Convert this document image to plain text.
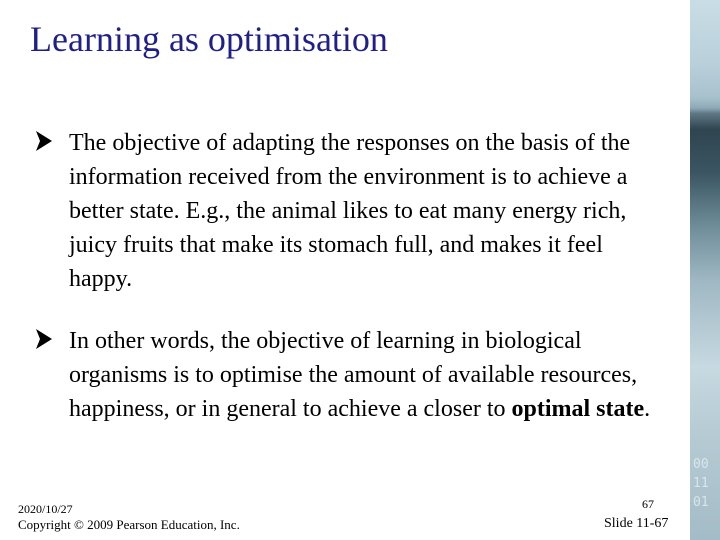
00
11
01
Learning as optimisation
The objective of adapting the responses on the basis of the information received from the environment is to achieve a better state. E.g., the animal likes to eat many energy rich, juicy fruits that make its stomach full, and makes it feel happy.
In other words, the objective of learning in biological organisms is to optimise the amount of available resources, happiness, or in general to achieve a closer to optimal state.
2020/10/27
Copyright © 2009 Pearson Education, Inc.
67
Slide 11-67
